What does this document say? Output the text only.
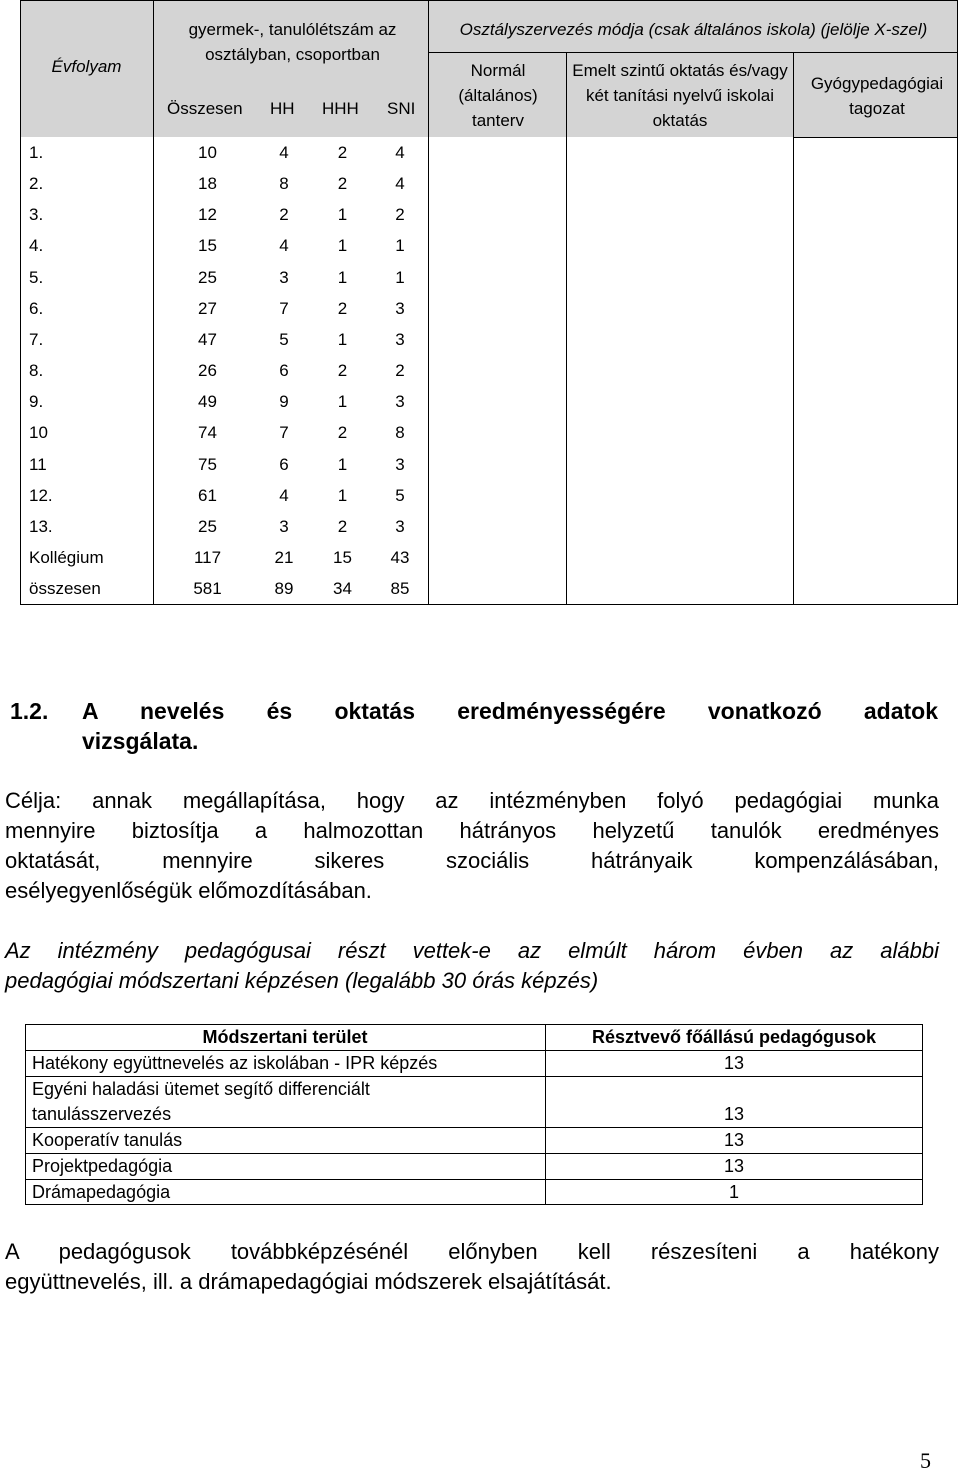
Évfolyam
gyermek-, tanulólétszám az osztályban, csoportban
Összesen	HH	HHH	SNI
Osztályszervezés módja (csak általános iskola) (jelölje X-szel)
Normál (általános) tanterv
Emelt szintű oktatás és/vagy két tanítási nyelvű iskolai oktatás
Gyógypedagógiai tagozat
1.	10	4	2	4
2.	18	8	2	4
3.	12	2	1	2
4.	15	4	1	1
5.	25	3	1	1
6.	27	7	2	3
7.	47	5	1	3
8.	26	6	2	2
9.	49	9	1	3
10	74	7	2	8
11	75	6	1	3
12.	61	4	1	5
13.	25	3	2	3
Kollégium	117	21	15	43
összesen	581	89	34	85
1.2.	A nevelés és oktatás eredményességére vonatkozó adatok
vizsgálata.
Célja: annak megállapítása, hogy az intézményben folyó pedagógiai munka
mennyire biztosítja a halmozottan hátrányos helyzetű tanulók eredményes
oktatását, mennyire sikeres szociális hátrányaik kompenzálásában,
esélyegyenlőségük előmozdításában.
Az intézmény pedagógusai részt vettek-e az elmúlt három évben az alábbi
pedagógiai módszertani képzésen (legalább 30 órás képzés)
Módszertani terület	Résztvevő főállású pedagógusok
Hatékony együttnevelés az iskolában - IPR képzés	13
Egyéni haladási ütemet segítő differenciált
tanulásszervezés	13
Kooperatív tanulás	13
Projektpedagógia	13
Drámapedagógia	1
A pedagógusok továbbképzésénél előnyben kell részesíteni a hatékony
együttnevelés, ill. a drámapedagógiai módszerek elsajátítását.
5
